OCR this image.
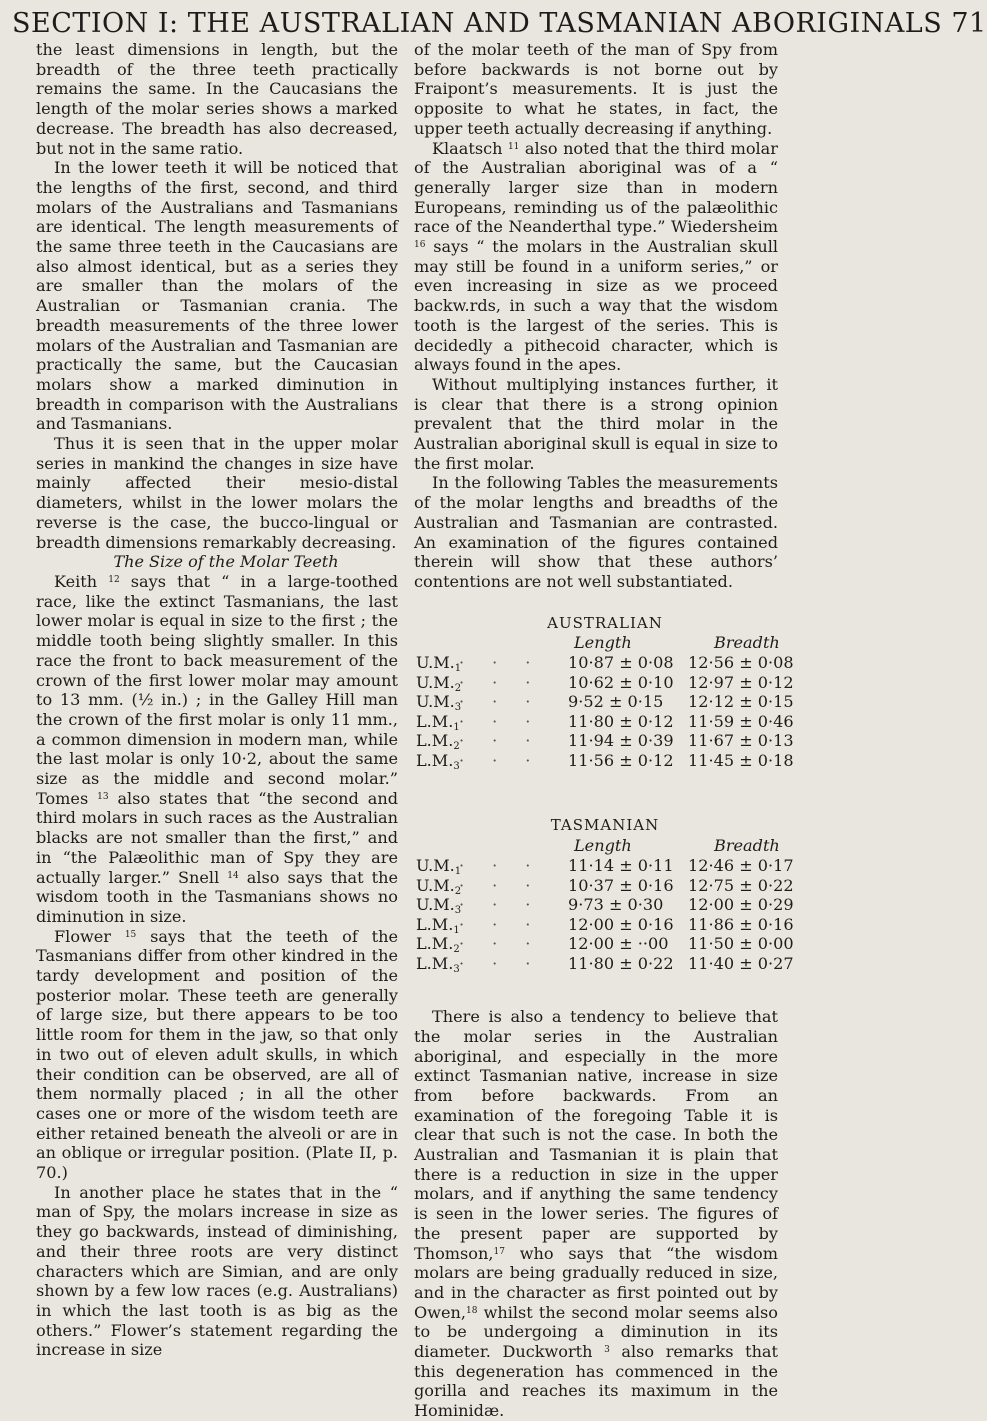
SECTION I: THE AUSTRALIAN AND TASMANIAN ABORIGINALS 71

the least dimensions in length, but the breadth of the three teeth practically remains the same. In the Caucasians the length of the molar series shows a marked decrease. The breadth has also decreased, but not in the same ratio.

In the lower teeth it will be noticed that the lengths of the first, second, and third molars of the Australians and Tasmanians are identical. The length measurements of the same three teeth in the Caucasians are also almost identical, but as a series they are smaller than the molars of the Australian or Tasmanian crania. The breadth measurements of the three lower molars of the Australian and Tasmanian are practically the same, but the Caucasian molars show a marked diminution in breadth in comparison with the Australians and Tasmanians.

Thus it is seen that in the upper molar series in mankind the changes in size have mainly affected their mesio-distal diameters, whilst in the lower molars the reverse is the case, the bucco-lingual or breadth dimensions remarkably decreasing.

The Size of the Molar Teeth

Keith $^{12}$ says that “ in a large-toothed race, like the extinct Tasmanians, the last lower molar is equal in size to the first ; the middle tooth being slightly smaller. In this race the front to back measurement of the crown of the first lower molar may amount to 13 mm. (½ in.) ; in the Galley Hill man the crown of the first molar is only 11 mm., a common dimension in modern man, while the last molar is only 10·2, about the same size as the middle and second molar.” Tomes $^{13}$ also states that “the second and third molars in such races as the Australian blacks are not smaller than the first,” and in “the Palæolithic man of Spy they are actually larger.” Snell $^{14}$ also says that the wisdom tooth in the Tasmanians shows no diminution in size.

Flower $^{15}$ says that the teeth of the Tasmanians differ from other kindred in the tardy development and position of the posterior molar. These teeth are generally of large size, but there appears to be too little room for them in the jaw, so that only in two out of eleven adult skulls, in which their condition can be observed, are all of them normally placed ; in all the other cases one or more of the wisdom teeth are either retained beneath the alveoli or are in an oblique or irregular position. (Plate II, p. 70.)

In another place he states that in the “ man of Spy, the molars increase in size as they go backwards, instead of diminishing, and their three roots are very distinct characters which are Simian, and are only shown by a few low races (e.g. Australians) in which the last tooth is as big as the others.” Flower’s statement regarding the increase in size

of the molar teeth of the man of Spy from before backwards is not borne out by Fraipont’s measurements. It is just the opposite to what he states, in fact, the upper teeth actually decreasing if anything.

Klaatsch $^{11}$ also noted that the third molar of the Australian aboriginal was of a “ generally larger size than in modern Europeans, reminding us of the palæolithic race of the Neanderthal type.” Wiedersheim $^{16}$ says “ the molars in the Australian skull may still be found in a uniform series,” or even increasing in size as we proceed backw.rds, in such a way that the wisdom tooth is the largest of the series. This is decidedly a pithecoid character, which is always found in the apes.

Without multiplying instances further, it is clear that there is a strong opinion prevalent that the third molar in the Australian aboriginal skull is equal in size to the first molar.

In the following Tables the measurements of the molar lengths and breadths of the Australian and Tasmanian are contrasted. An examination of the figures contained therein will show that these authors’ contentions are not well substantiated.

AUSTRALIAN

Length	Breadth
$U.M._1$
··· 10·87 ± 0·08 12·56 ± 0·08
$U.M._2$
··· 10·62 ± 0·10 12·97 ± 0·12
$U.M._3$
··· 9·52 ± 0·15 12·12 ± 0·15
$L.M._1$ ··· 11·80 ± 0·12 11·59 ± 0·46
$L.M._2$ ··· 11·94 ± 0·39 11·67 ± 0·13
$L.M._3$ ··· 11·56 ± 0·12 11·45 ± 0·18

TASMANIAN

Length	Breadth
$U.M._1$
··· 11·14 ± 0·11 12·46 ± 0·17
$U.M._2$
··· 10·37 ± 0·16 12·75 ± 0·22
$U.M._3$
··· 9·73 ± 0·30 12·00 ± 0·29
$L.M._1$ ··· 12·00 ± 0·16 11·86 ± 0·16
$L.M._2$ ··· 12·00 ± ··00 11·50 ± 0·00
$L.M._3$ ··· 11·80 ± 0·22 11·40 ± 0·27

There is also a tendency to believe that the molar series in the Australian aboriginal, and especially in the more extinct Tasmanian native, increase in size from before backwards. From an examination of the foregoing Table it is clear that such is not the case. In both the Australian and Tasmanian it is plain that there is a reduction in size in the upper molars, and if anything the same tendency is seen in the lower series. The figures of the present paper are supported by Thomson,$^{17}$ who says that “the wisdom molars are being gradually reduced in size, and in the character as first pointed out by Owen,$^{18}$ whilst the second molar seems also to be undergoing a diminution in its diameter. Duckworth $^3$ also remarks that this degeneration has commenced in the gorilla and reaches its maximum in the Hominidæ.
